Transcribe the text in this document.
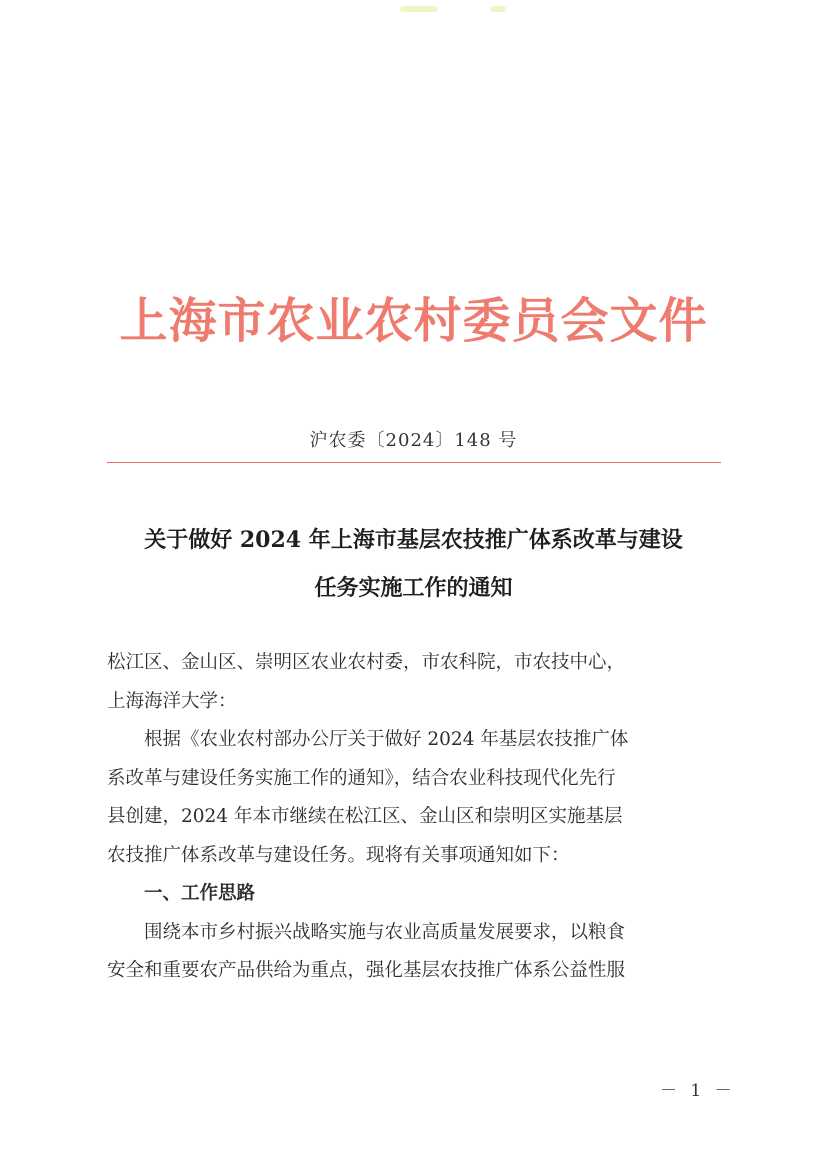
上海市农业农村委员会文件
沪农委〔2024〕148 号
关于做好 2024 年上海市基层农技推广体系改革与建设
任务实施工作的通知
松江区、金山区、崇明区农业农村委，市农科院，市农技中心，
上海海洋大学：
根据《农业农村部办公厅关于做好 2024 年基层农技推广体
系改革与建设任务实施工作的通知》，结合农业科技现代化先行
县创建，2024 年本市继续在松江区、金山区和崇明区实施基层
农技推广体系改革与建设任务。现将有关事项通知如下：
一、工作思路
围绕本市乡村振兴战略实施与农业高质量发展要求，以粮食
安全和重要农产品供给为重点，强化基层农技推广体系公益性服
－ 1 －
